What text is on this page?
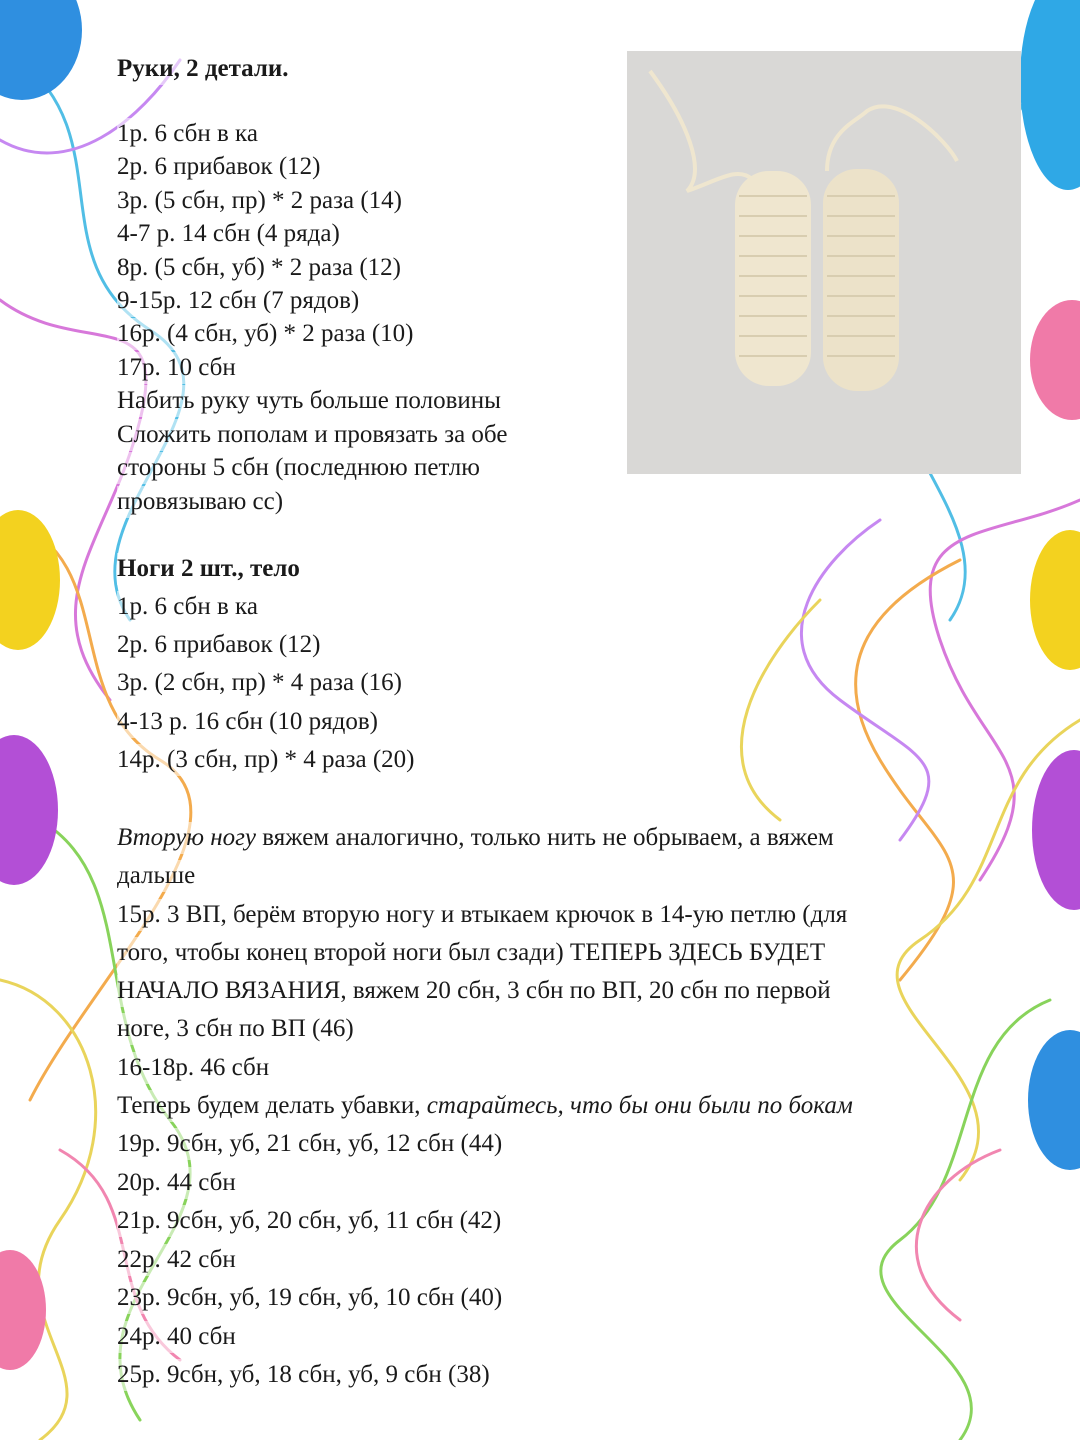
Руки, 2 детали.
1р. 6 сбн в ка
2р. 6 прибавок (12)
3р. (5 сбн, пр) * 2 раза (14)
4-7 р. 14 сбн (4 ряда)
8р. (5 сбн, уб) * 2 раза (12)
9-15р. 12 сбн (7 рядов)
16р. (4 сбн, уб) * 2 раза (10)
17р. 10 сбн
Набить руку чуть больше половины
Сложить пополам и провязать за обе
стороны 5 сбн (последнюю петлю
провязываю сс)
Ноги 2 шт., тело
1р. 6 сбн в ка
2р. 6 прибавок (12)
3р. (2 сбн, пр) * 4 раза (16)
4-13 р. 16 сбн (10 рядов)
14р. (3 сбн, пр) * 4 раза (20)
Вторую ногу вяжем аналогично, только нить не обрываем, а вяжем
дальше
15р. 3 ВП, берём вторую ногу и втыкаем крючок в 14-ую петлю (для
того, чтобы конец второй ноги был сзади) ТЕПЕРЬ ЗДЕСЬ БУДЕТ
НАЧАЛО ВЯЗАНИЯ, вяжем 20 сбн, 3 сбн по ВП, 20 сбн по первой
ноге, 3 сбн по ВП (46)
16-18р. 46 сбн
Теперь будем делать убавки, старайтесь, что бы они были по бокам
19р. 9сбн, уб, 21 сбн, уб, 12 сбн (44)
20р. 44 сбн
21р. 9сбн, уб, 20 сбн, уб, 11 сбн (42)
22р. 42 сбн
23р. 9сбн, уб, 19 сбн, уб, 10 сбн (40)
24р. 40 сбн
25р. 9сбн, уб, 18 сбн, уб, 9 сбн (38)
